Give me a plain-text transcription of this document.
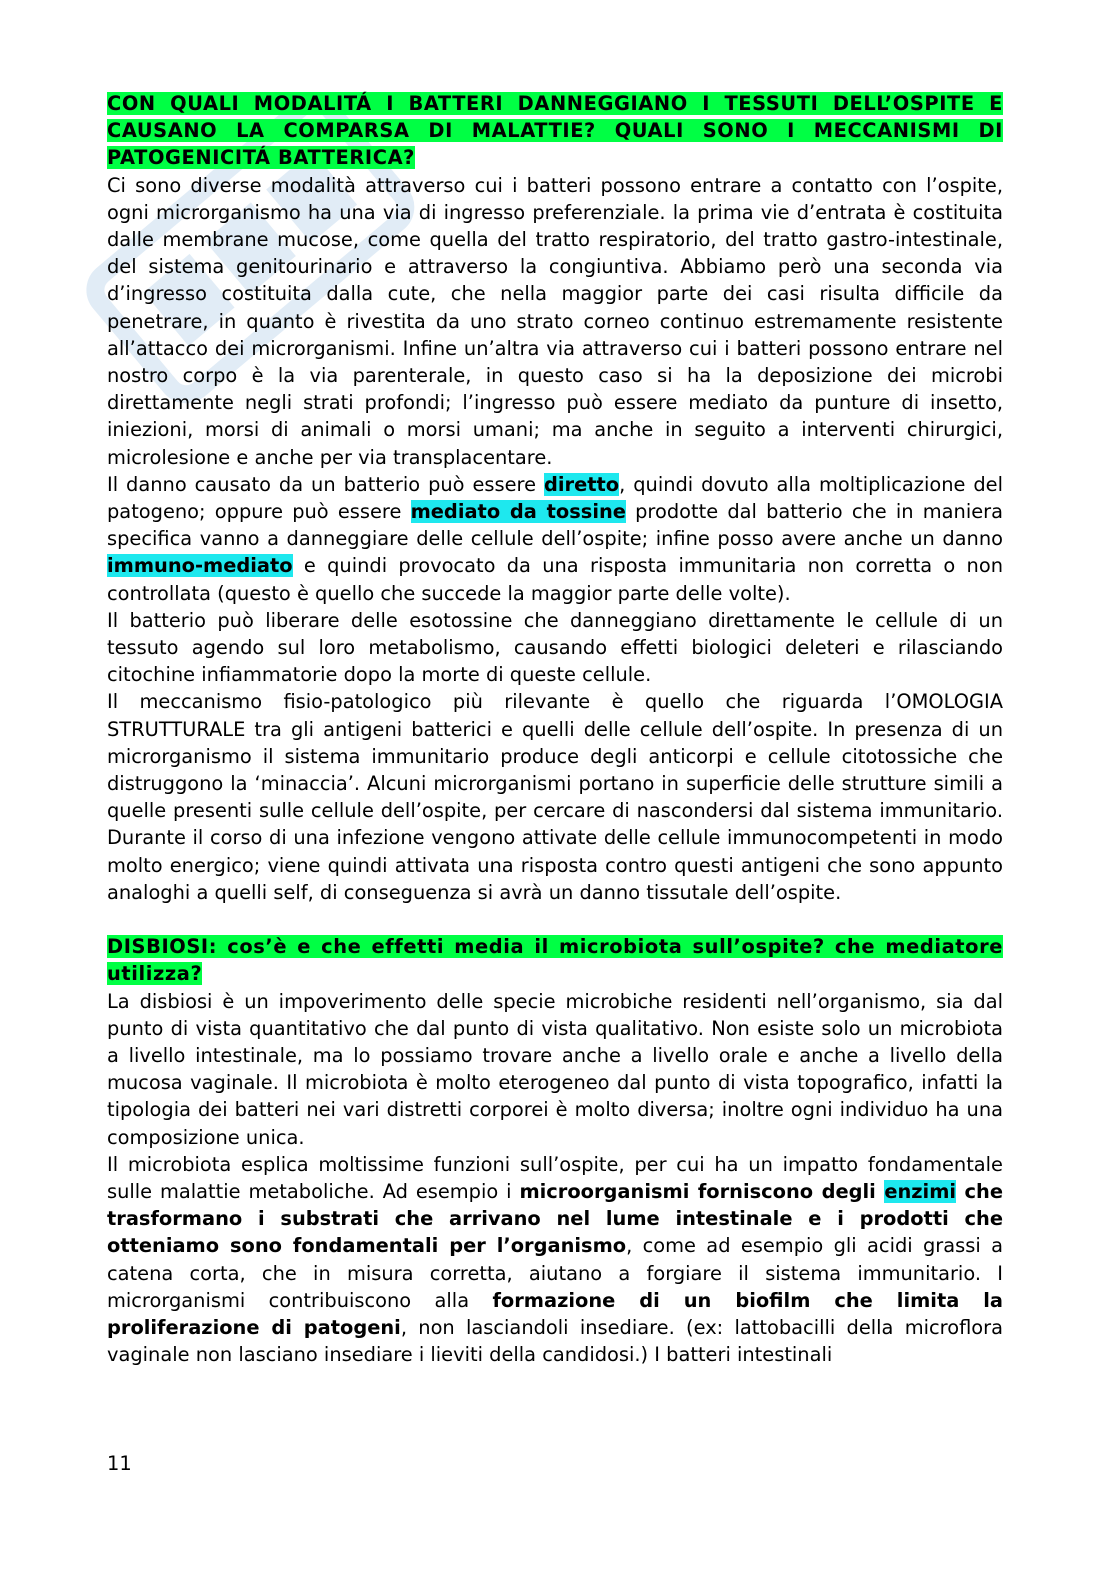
CON QUALI MODALITÁ I BATTERI DANNEGGIANO I TESSUTI DELL’OSPITE E CAUSANO LA COMPARSA DI MALATTIE? QUALI SONO I MECCANISMI DI PATOGENICITÁ BATTERICA?

Ci sono diverse modalità attraverso cui i batteri possono entrare a contatto con l’ospite, ogni microrganismo ha una via di ingresso preferenziale. la prima vie d’entrata è costituita dalle membrane mucose, come quella del tratto respiratorio, del tratto gastro-intestinale, del sistema genitourinario e attraverso la congiuntiva. Abbiamo però una seconda via d’ingresso costituita dalla cute, che nella maggior parte dei casi risulta difficile da penetrare, in quanto è rivestita da uno strato corneo continuo estremamente resistente all’attacco dei microrganismi. Infine un’altra via attraverso cui i batteri possono entrare nel nostro corpo è la via parenterale, in questo caso si ha la deposizione dei microbi direttamente negli strati profondi; l’ingresso può essere mediato da punture di insetto, iniezioni, morsi di animali o morsi umani; ma anche in seguito a interventi chirurgici, microlesione e anche per via transplacentare.

Il danno causato da un batterio può essere diretto, quindi dovuto alla moltiplicazione del patogeno; oppure può essere mediato da tossine prodotte dal batterio che in maniera specifica vanno a danneggiare delle cellule dell’ospite; infine posso avere anche un danno immuno-mediato e quindi provocato da una risposta immunitaria non corretta o non controllata (questo è quello che succede la maggior parte delle volte).

Il batterio può liberare delle esotossine che danneggiano direttamente le cellule di un tessuto agendo sul loro metabolismo, causando effetti biologici deleteri e rilasciando citochine infiammatorie dopo la morte di queste cellule.

Il meccanismo fisio-patologico più rilevante è quello che riguarda l’OMOLOGIA STRUTTURALE tra gli antigeni batterici e quelli delle cellule dell’ospite. In presenza di un microrganismo il sistema immunitario produce degli anticorpi e cellule citotossiche che distruggono la ‘minaccia’. Alcuni microrganismi portano in superficie delle strutture simili a quelle presenti sulle cellule dell’ospite, per cercare di nascondersi dal sistema immunitario. Durante il corso di una infezione vengono attivate delle cellule immunocompetenti in modo molto energico; viene quindi attivata una risposta contro questi antigeni che sono appunto analoghi a quelli self, di conseguenza si avrà un danno tissutale dell’ospite.

DISBIOSI: cos’è e che effetti media il microbiota sull’ospite? che mediatore utilizza?

La disbiosi è un impoverimento delle specie microbiche residenti nell’organismo, sia dal punto di vista quantitativo che dal punto di vista qualitativo. Non esiste solo un microbiota a livello intestinale, ma lo possiamo trovare anche a livello orale e anche a livello della mucosa vaginale. Il microbiota è molto eterogeneo dal punto di vista topografico, infatti la tipologia dei batteri nei vari distretti corporei è molto diversa; inoltre ogni individuo ha una composizione unica.

Il microbiota esplica moltissime funzioni sull’ospite, per cui ha un impatto fondamentale sulle malattie metaboliche. Ad esempio i microorganismi forniscono degli enzimi che trasformano i substrati che arrivano nel lume intestinale e i prodotti che otteniamo sono fondamentali per l’organismo, come ad esempio gli acidi grassi a catena corta, che in misura corretta, aiutano a forgiare il sistema immunitario. I microrganismi contribuiscono alla formazione di un biofilm che limita la proliferazione di patogeni, non lasciandoli insediare. (ex: lattobacilli della microflora vaginale non lasciano insediare i lieviti della candidosi.) I batteri intestinali

11
